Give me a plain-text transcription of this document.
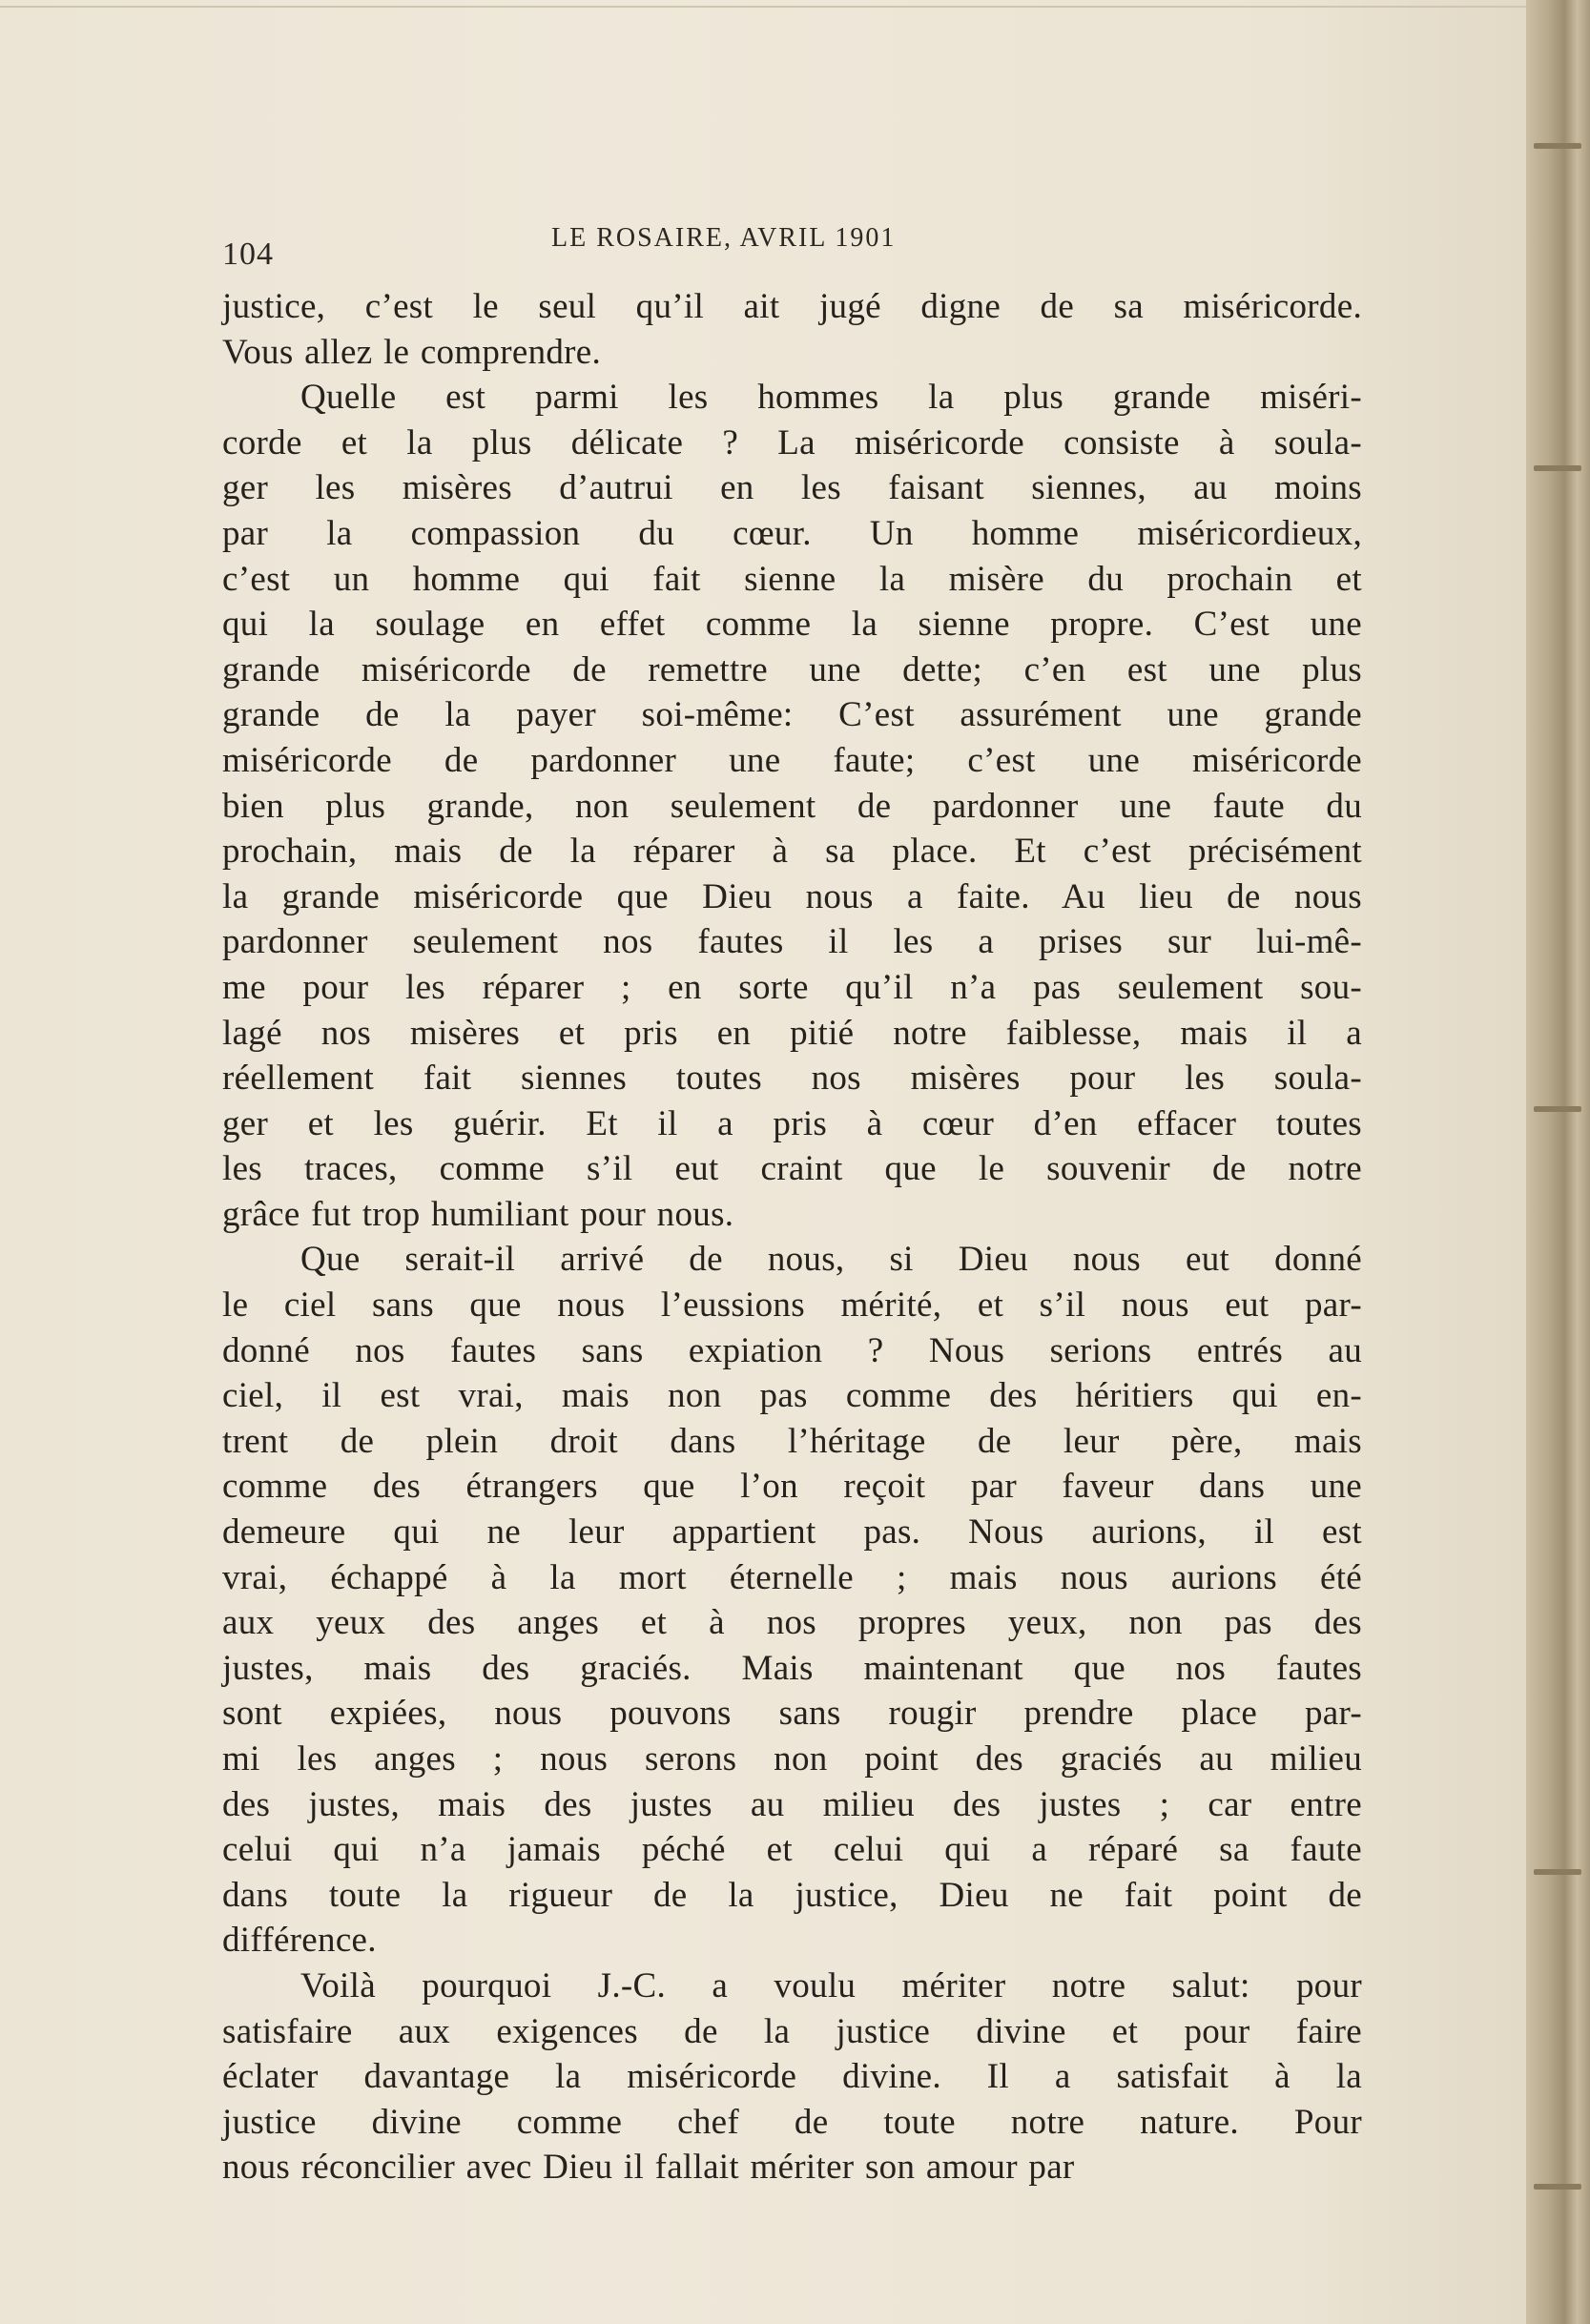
104	LE ROSAIRE, AVRIL 1901
justice, c’est le seul qu’il ait jugé digne de sa miséricorde.
Vous allez le comprendre.
Quelle est parmi les hommes la plus grande miséri-
corde et la plus délicate ? La miséricorde consiste à soula-
ger les misères d’autrui en les faisant siennes, au moins
par la compassion du cœur. Un homme miséricordieux,
c’est un homme qui fait sienne la misère du prochain et
qui la soulage en effet comme la sienne propre. C’est une
grande miséricorde de remettre une dette; c’en est une plus
grande de la payer soi-même: C’est assurément une grande
miséricorde de pardonner une faute; c’est une miséricorde
bien plus grande, non seulement de pardonner une faute du
prochain, mais de la réparer à sa place. Et c’est précisément
la grande miséricorde que Dieu nous a faite. Au lieu de nous
pardonner seulement nos fautes il les a prises sur lui-mê-
me pour les réparer ; en sorte qu’il n’a pas seulement sou-
lagé nos misères et pris en pitié notre faiblesse, mais il a
réellement fait siennes toutes nos misères pour les soula-
ger et les guérir. Et il a pris à cœur d’en effacer toutes
les traces, comme s’il eut craint que le souvenir de notre
grâce fut trop humiliant pour nous.
Que serait-il arrivé de nous, si Dieu nous eut donné
le ciel sans que nous l’eussions mérité, et s’il nous eut par-
donné nos fautes sans expiation ? Nous serions entrés au
ciel, il est vrai, mais non pas comme des héritiers qui en-
trent de plein droit dans l’héritage de leur père, mais
comme des étrangers que l’on reçoit par faveur dans une
demeure qui ne leur appartient pas. Nous aurions, il est
vrai, échappé à la mort éternelle ; mais nous aurions été
aux yeux des anges et à nos propres yeux, non pas des
justes, mais des graciés. Mais maintenant que nos fautes
sont expiées, nous pouvons sans rougir prendre place par-
mi les anges ; nous serons non point des graciés au milieu
des justes, mais des justes au milieu des justes ; car entre
celui qui n’a jamais péché et celui qui a réparé sa faute
dans toute la rigueur de la justice, Dieu ne fait point de
différence.
Voilà pourquoi J.-C. a voulu mériter notre salut: pour
satisfaire aux exigences de la justice divine et pour faire
éclater davantage la miséricorde divine. Il a satisfait à la
justice divine comme chef de toute notre nature. Pour
nous réconcilier avec Dieu il fallait mériter son amour par
